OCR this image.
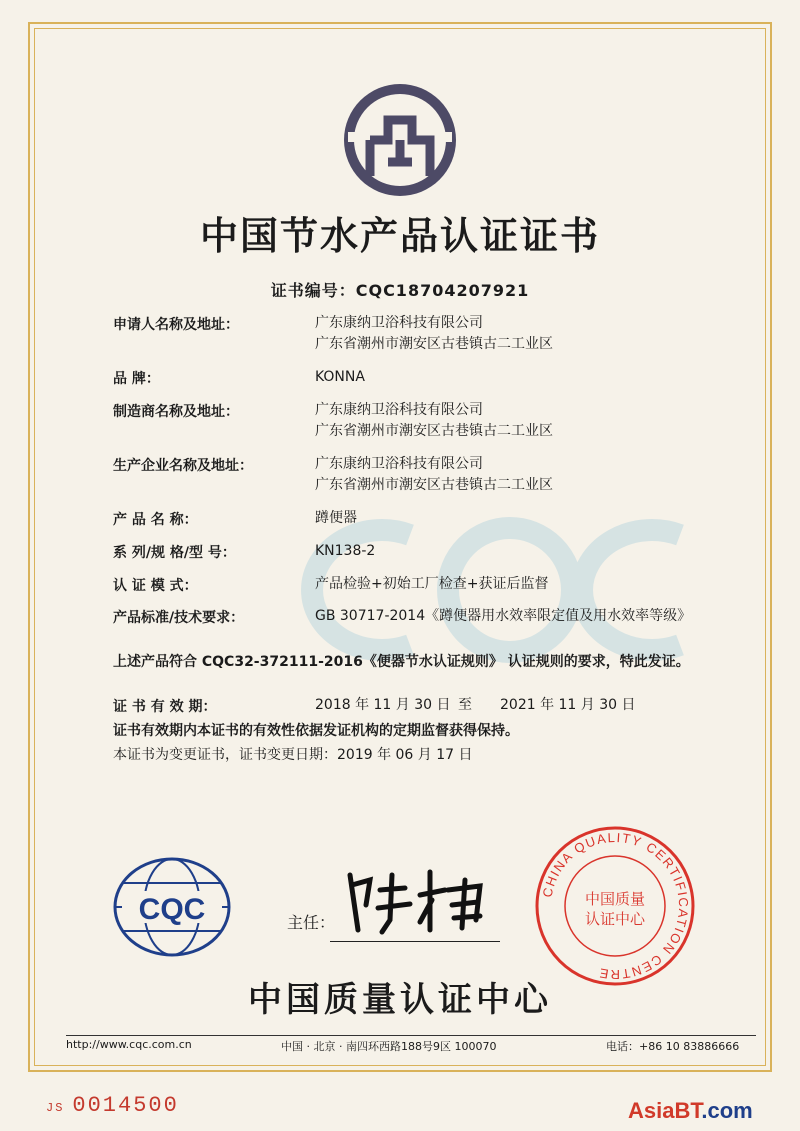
中国节水产品认证证书
证书编号：CQC18704207921
申请人名称及地址：	广东康纳卫浴科技有限公司
广东省潮州市潮安区古巷镇古二工业区
品 牌：	KONNA
制造商名称及地址：	广东康纳卫浴科技有限公司
广东省潮州市潮安区古巷镇古二工业区
生产企业名称及地址：	广东康纳卫浴科技有限公司
广东省潮州市潮安区古巷镇古二工业区
产 品 名 称：	蹲便器
系 列/规 格/型 号：	KN138-2
认 证 模 式：	产品检验+初始工厂检查+获证后监督
产品标准/技术要求：	GB 30717-2014《蹲便器用水效率限定值及用水效率等级》
上述产品符合 CQC32-372111-2016《便器节水认证规则》 认证规则的要求，特此发证。
证 书 有 效 期：	2018 年 11 月 30 日 至 2021 年 11 月 30 日
证书有效期内本证书的有效性依据发证机构的定期监督获得保持。
本证书为变更证书，证书变更日期：2019 年 06 月 17 日
CQC	主任：
CHINA QUALITY CERTIFICATION CENTRE
中国质量
认证中心
中国质量认证中心
http://www.cqc.com.cn	中国 · 北京 · 南四环西路188号9区 100070	电话：+86 10 83886666
JS 0014500	AsiaBT.com
